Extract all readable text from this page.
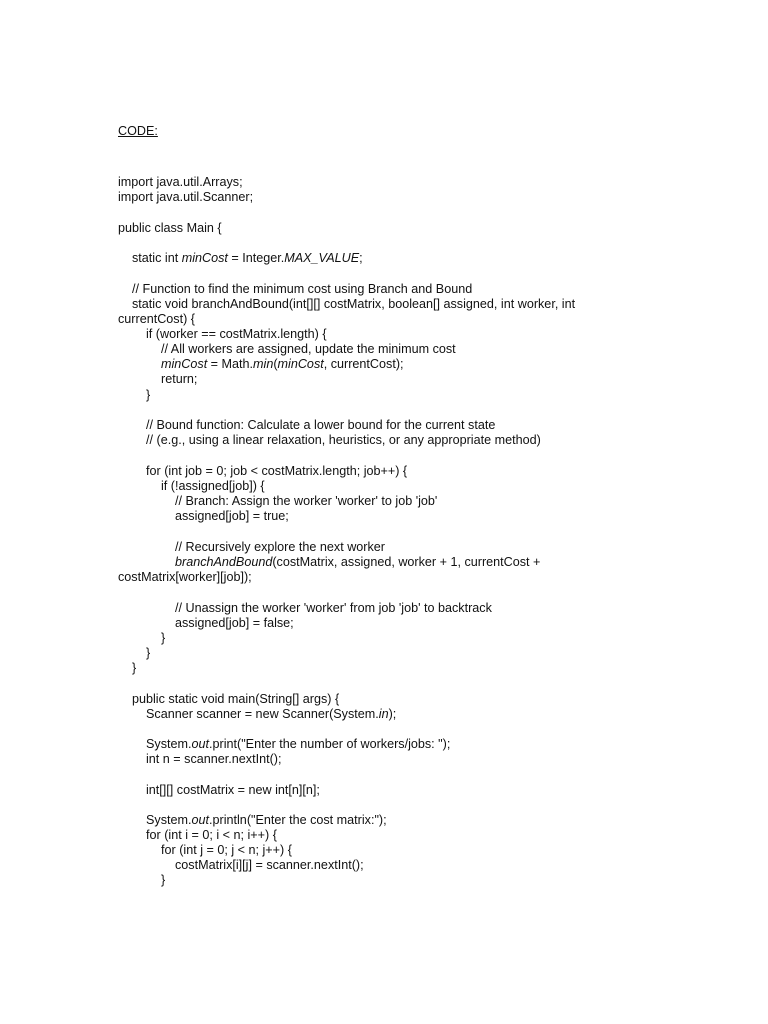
CODE:
import java.util.Arrays;
import java.util.Scanner;
public class Main {
static int minCost = Integer.MAX_VALUE;
// Function to find the minimum cost using Branch and Bound
static void branchAndBound(int[][] costMatrix, boolean[] assigned, int worker, int
currentCost) {
if (worker == costMatrix.length) {
// All workers are assigned, update the minimum cost
minCost = Math.min(minCost, currentCost);
return;
}
// Bound function: Calculate a lower bound for the current state
// (e.g., using a linear relaxation, heuristics, or any appropriate method)
for (int job = 0; job < costMatrix.length; job++) {
if (!assigned[job]) {
// Branch: Assign the worker 'worker' to job 'job'
assigned[job] = true;
// Recursively explore the next worker
branchAndBound(costMatrix, assigned, worker + 1, currentCost +
costMatrix[worker][job]);
// Unassign the worker 'worker' from job 'job' to backtrack
assigned[job] = false;
}
}
}
public static void main(String[] args) {
Scanner scanner = new Scanner(System.in);
System.out.print("Enter the number of workers/jobs: ");
int n = scanner.nextInt();
int[][] costMatrix = new int[n][n];
System.out.println("Enter the cost matrix:");
for (int i = 0; i < n; i++) {
for (int j = 0; j < n; j++) {
costMatrix[i][j] = scanner.nextInt();
}
